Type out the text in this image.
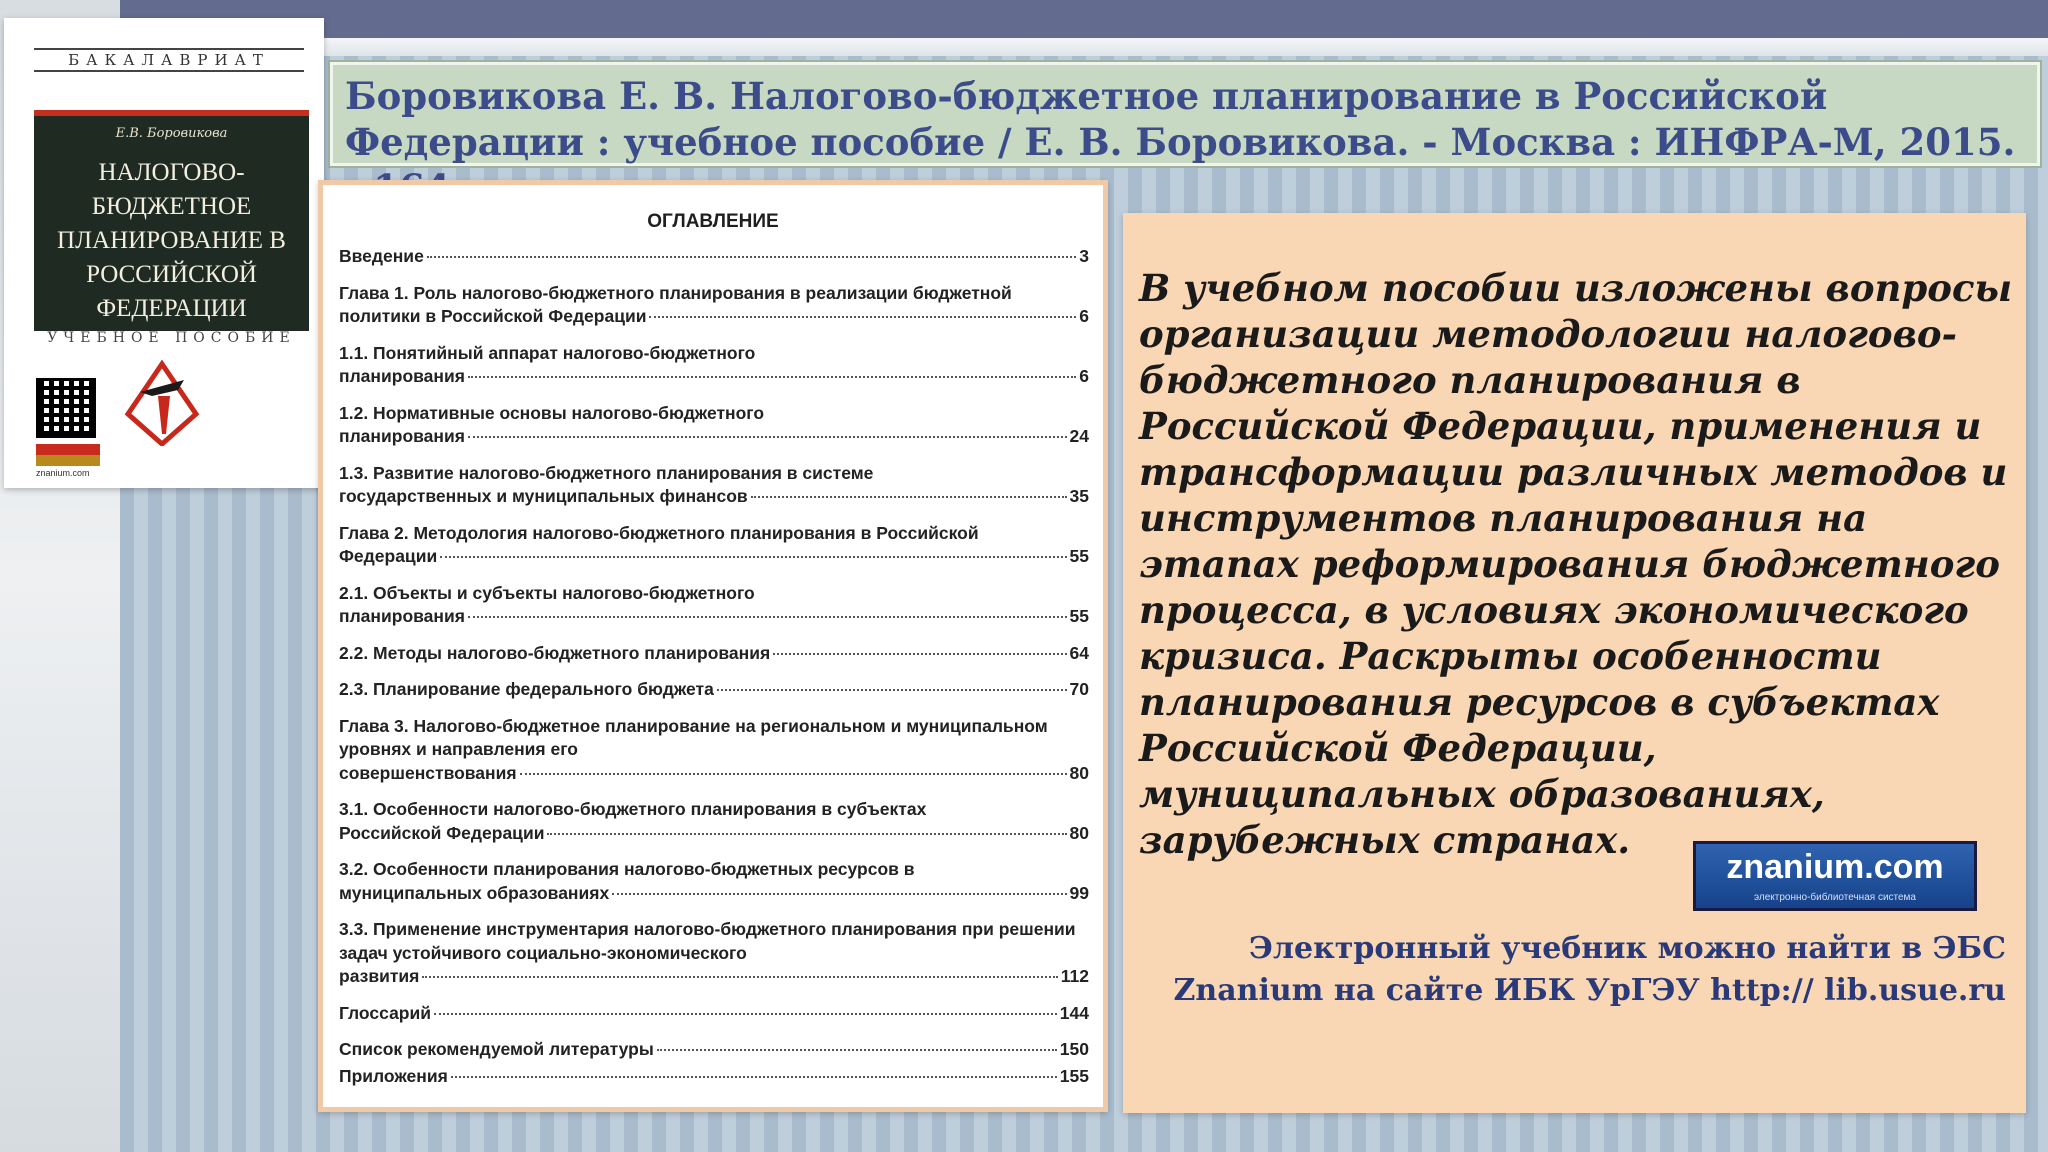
Боровикова Е. В. Налогово-бюджетное планирование в Российской Федерации : учебное пособие / Е. В. Боровикова. - Москва : ИНФРА-М, 2015.

БАКАЛАВРИАТ
Е.В. Боровикова
НАЛОГОВО-БЮДЖЕТНОЕ ПЛАНИРОВАНИЕ В РОССИЙСКОЙ ФЕДЕРАЦИИ
УЧЕБНОЕ ПОСОБИЕ
znanium.com

ОГЛАВЛЕНИЕ

Введение	3
Глава 1. Роль налогово-бюджетного планирования в реализации бюджетной
политики в Российской Федерации	6
1.1. Понятийный аппарат налогово-бюджетного
планирования	6
1.2. Нормативные основы налогово-бюджетного
планирования	24
1.3. Развитие налогово-бюджетного планирования в системе
государственных и муниципальных финансов	35
Глава 2. Методология налогово-бюджетного планирования в Российской
Федерации	55
2.1. Объекты и субъекты налогово-бюджетного
планирования	55
2.2. Методы налогово-бюджетного планирования	64
2.3. Планирование федерального бюджета	70
Глава 3. Налогово-бюджетное планирование на региональном и муниципальном уровнях и направления его
совершенствования	80
3.1. Особенности налогово-бюджетного планирования в субъектах
Российской Федерации	80
3.2. Особенности планирования налогово-бюджетных ресурсов в
муниципальных образованиях	99
3.3. Применение инструментария налогово-бюджетного планирования при решении задач устойчивого социально-экономического
развития	112
Глоссарий	144
Список рекомендуемой литературы	150
Приложения	155

В учебном пособии изложены вопросы организации методологии налогово-бюджетного планирования в Российской Федерации, применения и трансформации различных методов и инструментов планирования на этапах реформирования бюджетного процесса, в условиях экономического кризиса. Раскрыты особенности планирования ресурсов в субъектах Российской Федерации, муниципальных образованиях, зарубежных странах.

znanium.com
электронно-библиотечная система
Электронный учебник можно найти в ЭБС Znanium на сайте ИБК УрГЭУ http:// lib.usue.ru
